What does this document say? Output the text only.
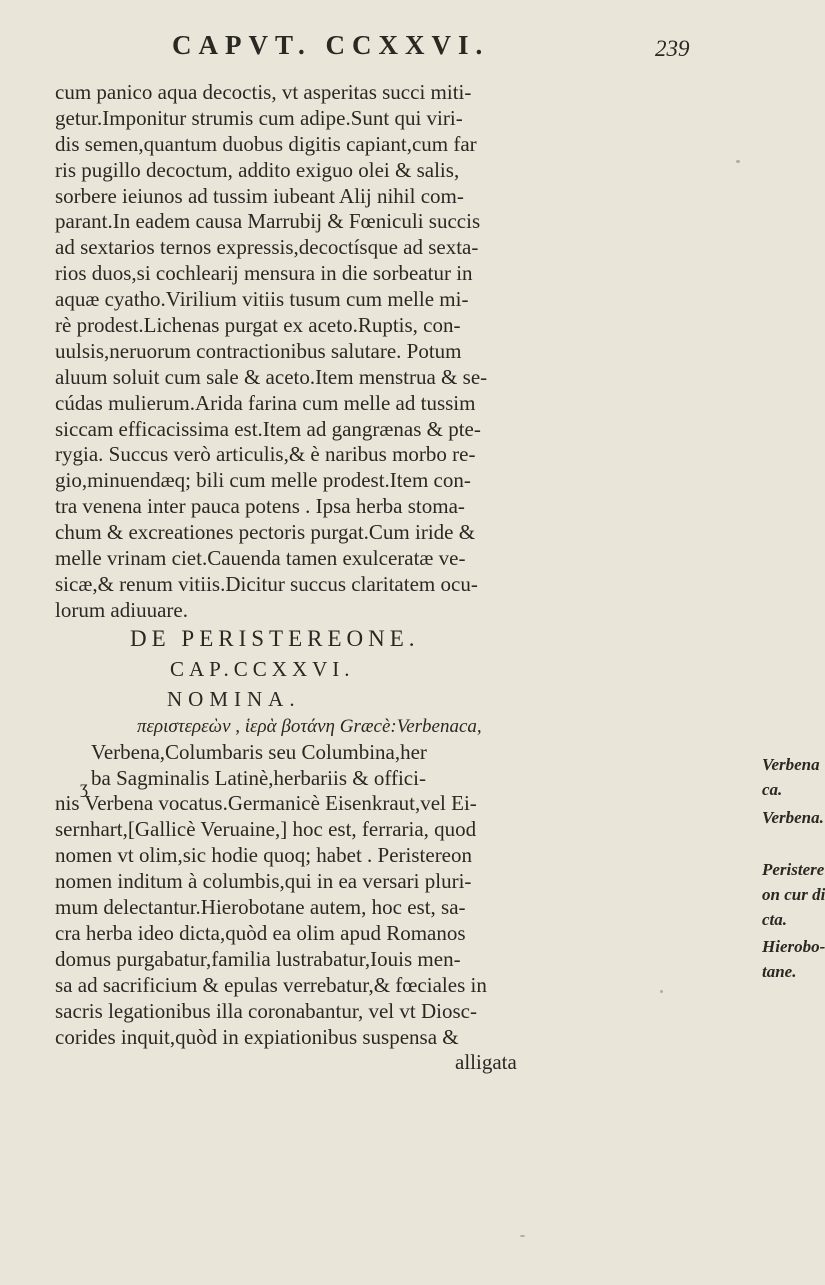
CAPVT. CCXXVI.	239
cum panico aqua decoctis, vt asperitas succi miti-
getur.Imponitur strumis cum adipe.Sunt qui viri-
dis semen,quantum duobus digitis capiant,cum far
ris pugillo decoctum, addito exiguo olei & salis,
sorbere ieiunos ad tussim iubeant Alij nihil com-
parant.In eadem causa Marrubij & Fœniculi succis
ad sextarios ternos expressis,decoctísque ad sexta-
rios duos,si cochlearij mensura in die sorbeatur in
aquæ cyatho.Virilium vitiis tusum cum melle mi-
rè prodest.Lichenas purgat ex aceto.Ruptis, con-
uulsis,neruorum contractionibus salutare. Potum
aluum soluit cum sale & aceto.Item menstrua & se-
cúdas mulierum.Arida farina cum melle ad tussim
siccam efficacissima est.Item ad gangrænas & pte-
rygia. Succus verò articulis,& è naribus morbo re-
gio,minuendæq; bili cum melle prodest.Item con-
tra venena inter pauca potens . Ipsa herba stoma-
chum & excreationes pectoris purgat.Cum iride &
melle vrinam ciet.Cauenda tamen exulceratæ ve-
sicæ,& renum vitiis.Dicitur succus claritatem ocu-
lorum adiuuare.
DE PERISTEREONE.
CAP.CCXXVI.
NOMINA.
περιστερεὼν , ἱερὰ βοτάνη Græcè:Verbenaca,
Verbena,Columbaris seu Columbina,her
ba Sagminalis Latinè,herbariis & offici-
nis Verbena vocatus.Germanicè Eisenkraut,vel Ei-
sernhart,[Gallicè Veruaine,] hoc est, ferraria, quod
nomen vt olim,sic hodie quoq; habet . Peristereon
nomen inditum à columbis,qui in ea versari pluri-
mum delectantur.Hierobotane autem, hoc est, sa-
cra herba ideo dicta,quòd ea olim apud Romanos
domus purgabatur,familia lustrabatur,Iouis men-
sa ad sacrificium & epulas verrebatur,& fœciales in
sacris legationibus illa coronabantur, vel vt Diosc-
corides inquit,quòd in expiationibus suspensa &
alligata
ʒ
Verbena
ca.
Verbena.
Peristere
on cur di
cta.
Hierobo-
tane.
